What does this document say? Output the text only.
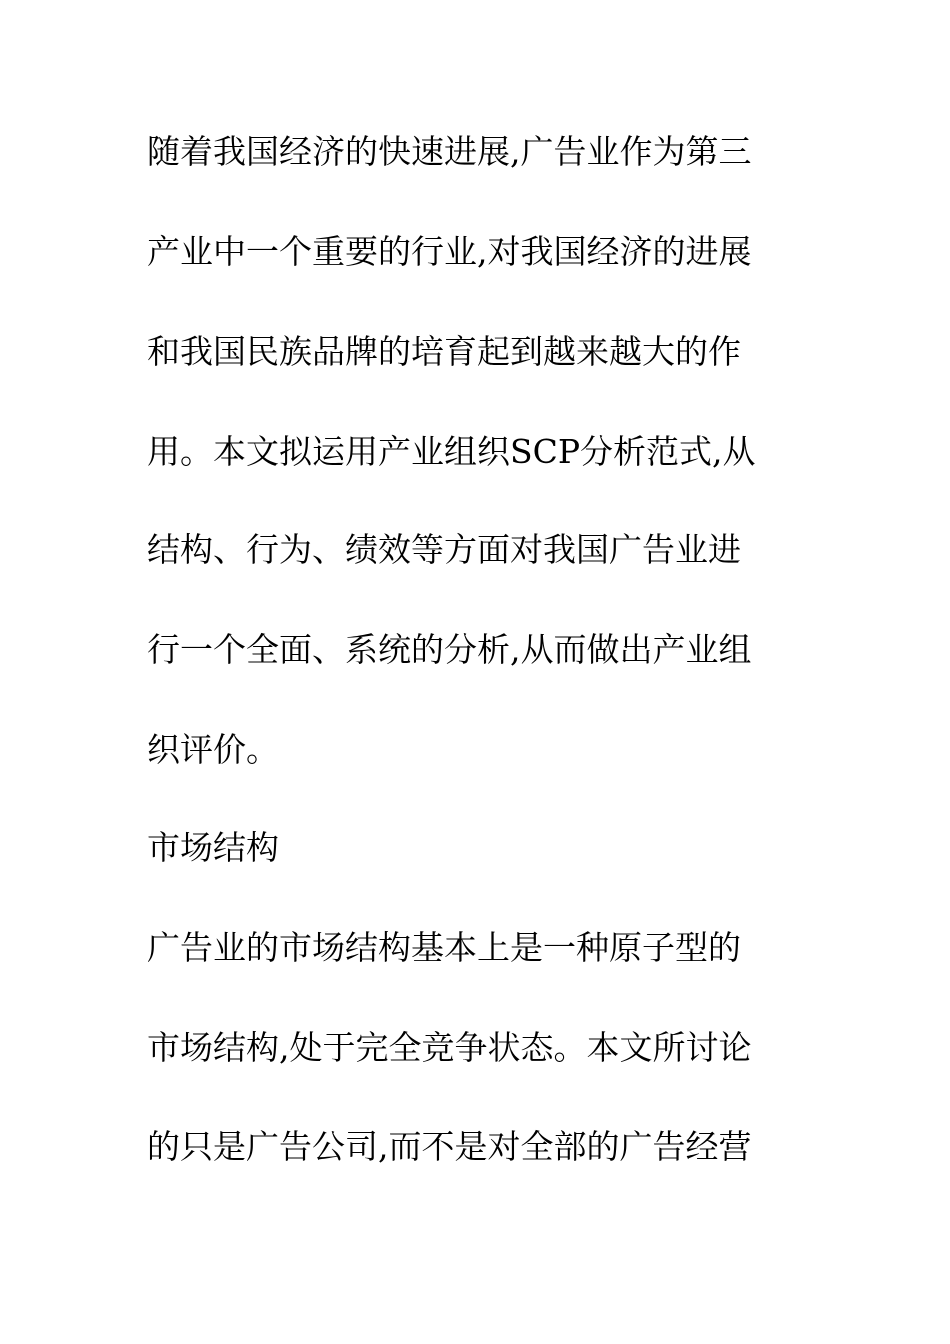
随着我国经济的快速进展,广告业作为第三
产业中一个重要的行业,对我国经济的进展
和我国民族品牌的培育起到越来越大的作
用。本文拟运用产业组织SCP分析范式,从
结构、行为、绩效等方面对我国广告业进
行一个全面、系统的分析,从而做出产业组
织评价。
市场结构
广告业的市场结构基本上是一种原子型的
市场结构,处于完全竞争状态。本文所讨论
的只是广告公司,而不是对全部的广告经营
